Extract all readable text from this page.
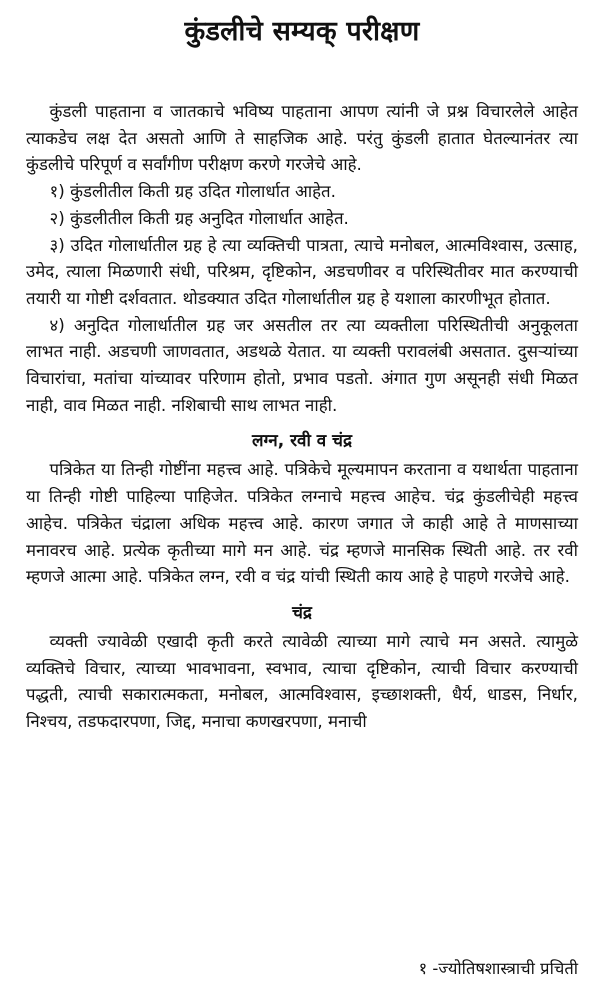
कुंडलीचे सम्यक् परीक्षण

कुंडली पाहताना व जातकाचे भविष्य पाहताना आपण त्यांनी जे प्रश्न विचारलेले आहेत त्याकडेच लक्ष देत असतो आणि ते साहजिक आहे. परंतु कुंडली हातात घेतल्यानंतर त्या कुंडलीचे परिपूर्ण व सर्वांगीण परीक्षण करणे गरजेचे आहे.

१) कुंडलीतील किती ग्रह उदित गोलार्धात आहेत.

२) कुंडलीतील किती ग्रह अनुदित गोलार्धात आहेत.

३) उदित गोलार्धातील ग्रह हे त्या व्यक्तिची पात्रता, त्याचे मनोबल, आत्मविश्वास, उत्साह, उमेद, त्याला मिळणारी संधी, परिश्रम, दृष्टिकोन, अडचणीवर व परिस्थितीवर मात करण्याची तयारी या गोष्टी दर्शवतात. थोडक्यात उदित गोलार्धातील ग्रह हे यशाला कारणीभूत होतात.

४) अनुदित गोलार्धातील ग्रह जर असतील तर त्या व्यक्तीला परिस्थितीची अनुकूलता लाभत नाही. अडचणी जाणवतात, अडथळे येतात. या व्यक्ती परावलंबी असतात. दुसऱ्यांच्या विचारांचा, मतांचा यांच्यावर परिणाम होतो, प्रभाव पडतो. अंगात गुण असूनही संधी मिळत नाही, वाव मिळत नाही. नशिबाची साथ लाभत नाही.

लग्न, रवी व चंद्र

पत्रिकेत या तिन्ही गोष्टींना महत्त्व आहे. पत्रिकेचे मूल्यमापन करताना व यथार्थता पाहताना या तिन्ही गोष्टी पाहिल्या पाहिजेत. पत्रिकेत लग्नाचे महत्त्व आहेच. चंद्र कुंडलीचेही महत्त्व आहेच. पत्रिकेत चंद्राला अधिक महत्त्व आहे. कारण जगात जे काही आहे ते माणसाच्या मनावरच आहे. प्रत्येक कृतीच्या मागे मन आहे. चंद्र म्हणजे मानसिक स्थिती आहे. तर रवी म्हणजे आत्मा आहे. पत्रिकेत लग्न, रवी व चंद्र यांची स्थिती काय आहे हे पाहणे गरजेचे आहे.

चंद्र

व्यक्ती ज्यावेळी एखादी कृती करते त्यावेळी त्याच्या मागे त्याचे मन असते. त्यामुळे व्यक्तिचे विचार, त्याच्या भावभावना, स्वभाव, त्याचा दृष्टिकोन, त्याची विचार करण्याची पद्धती, त्याची सकारात्मकता, मनोबल, आत्मविश्वास, इच्छाशक्ती, धैर्य, धाडस, निर्धार, निश्चय, तडफदारपणा, जिद्द, मनाचा कणखरपणा, मनाची

१ -ज्योतिषशास्त्राची प्रचिती
